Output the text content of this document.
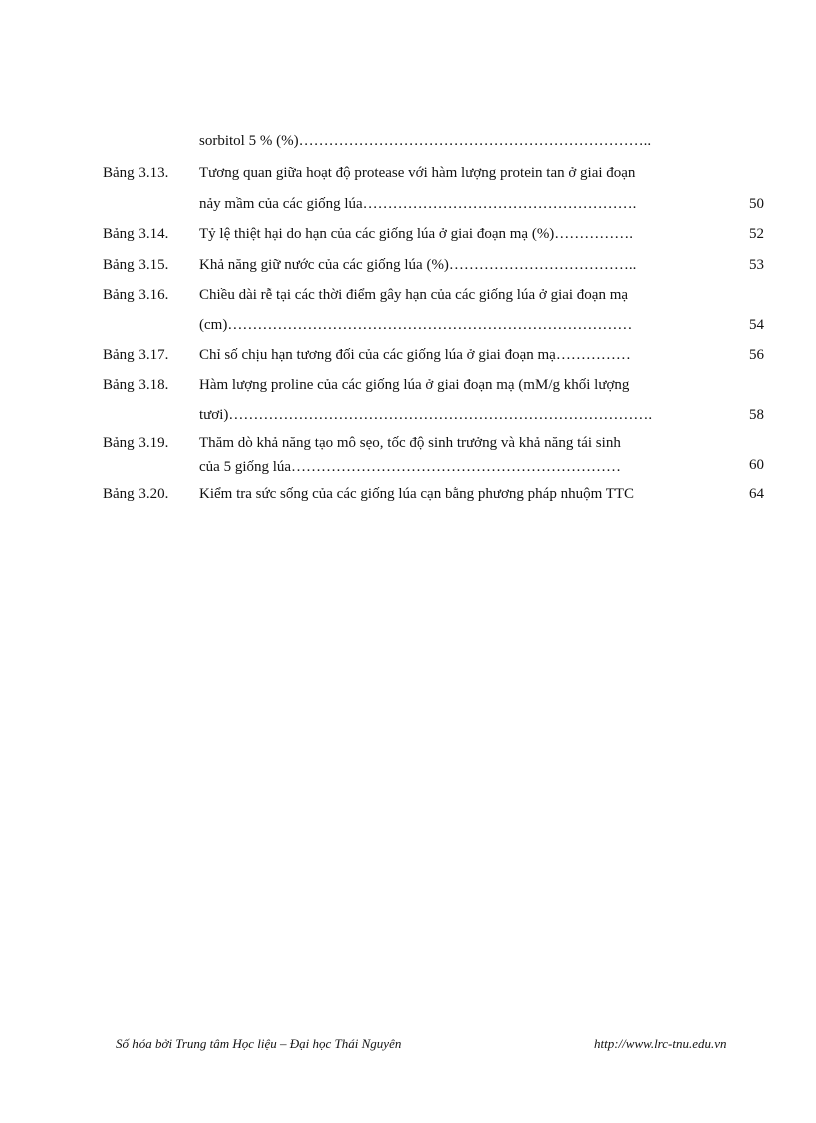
sorbitol 5 % (%)……………………………………………………………..
Bảng 3.13. Tương quan giữa hoạt độ protease với hàm lượng protein tan ở giai đoạn
nảy mầm của các giống lúa……………………………………………….	50
Bảng 3.14. Tỷ lệ thiệt hại do hạn của các giống lúa ở giai đoạn mạ (%)…………….	52
Bảng 3.15. Khả năng giữ nước của các giống lúa (%)………………………………..	53
Bảng 3.16. Chiều dài rễ tại các thời điểm gây hạn của các giống lúa ở giai đoạn mạ
(cm)………………………………………………………………………	54
Bảng 3.17. Chỉ số chịu hạn tương đối của các giống lúa ở giai đoạn mạ……………	56
Bảng 3.18. Hàm lượng proline của các giống lúa ở giai đoạn mạ (mM/g khối lượng
tươi)………………………………………………………………………….	58
Bảng 3.19. Thăm dò khả năng tạo mô sẹo, tốc độ sinh trưởng và khả năng tái sinh
của 5 giống lúa…………………………………………………………	60
Bảng 3.20. Kiểm tra sức sống của các giống lúa cạn bằng phương pháp nhuộm TTC	64
Số hóa bởi Trung tâm Học liệu – Đại học Thái Nguyên	http://www.lrc-tnu.edu.vn
